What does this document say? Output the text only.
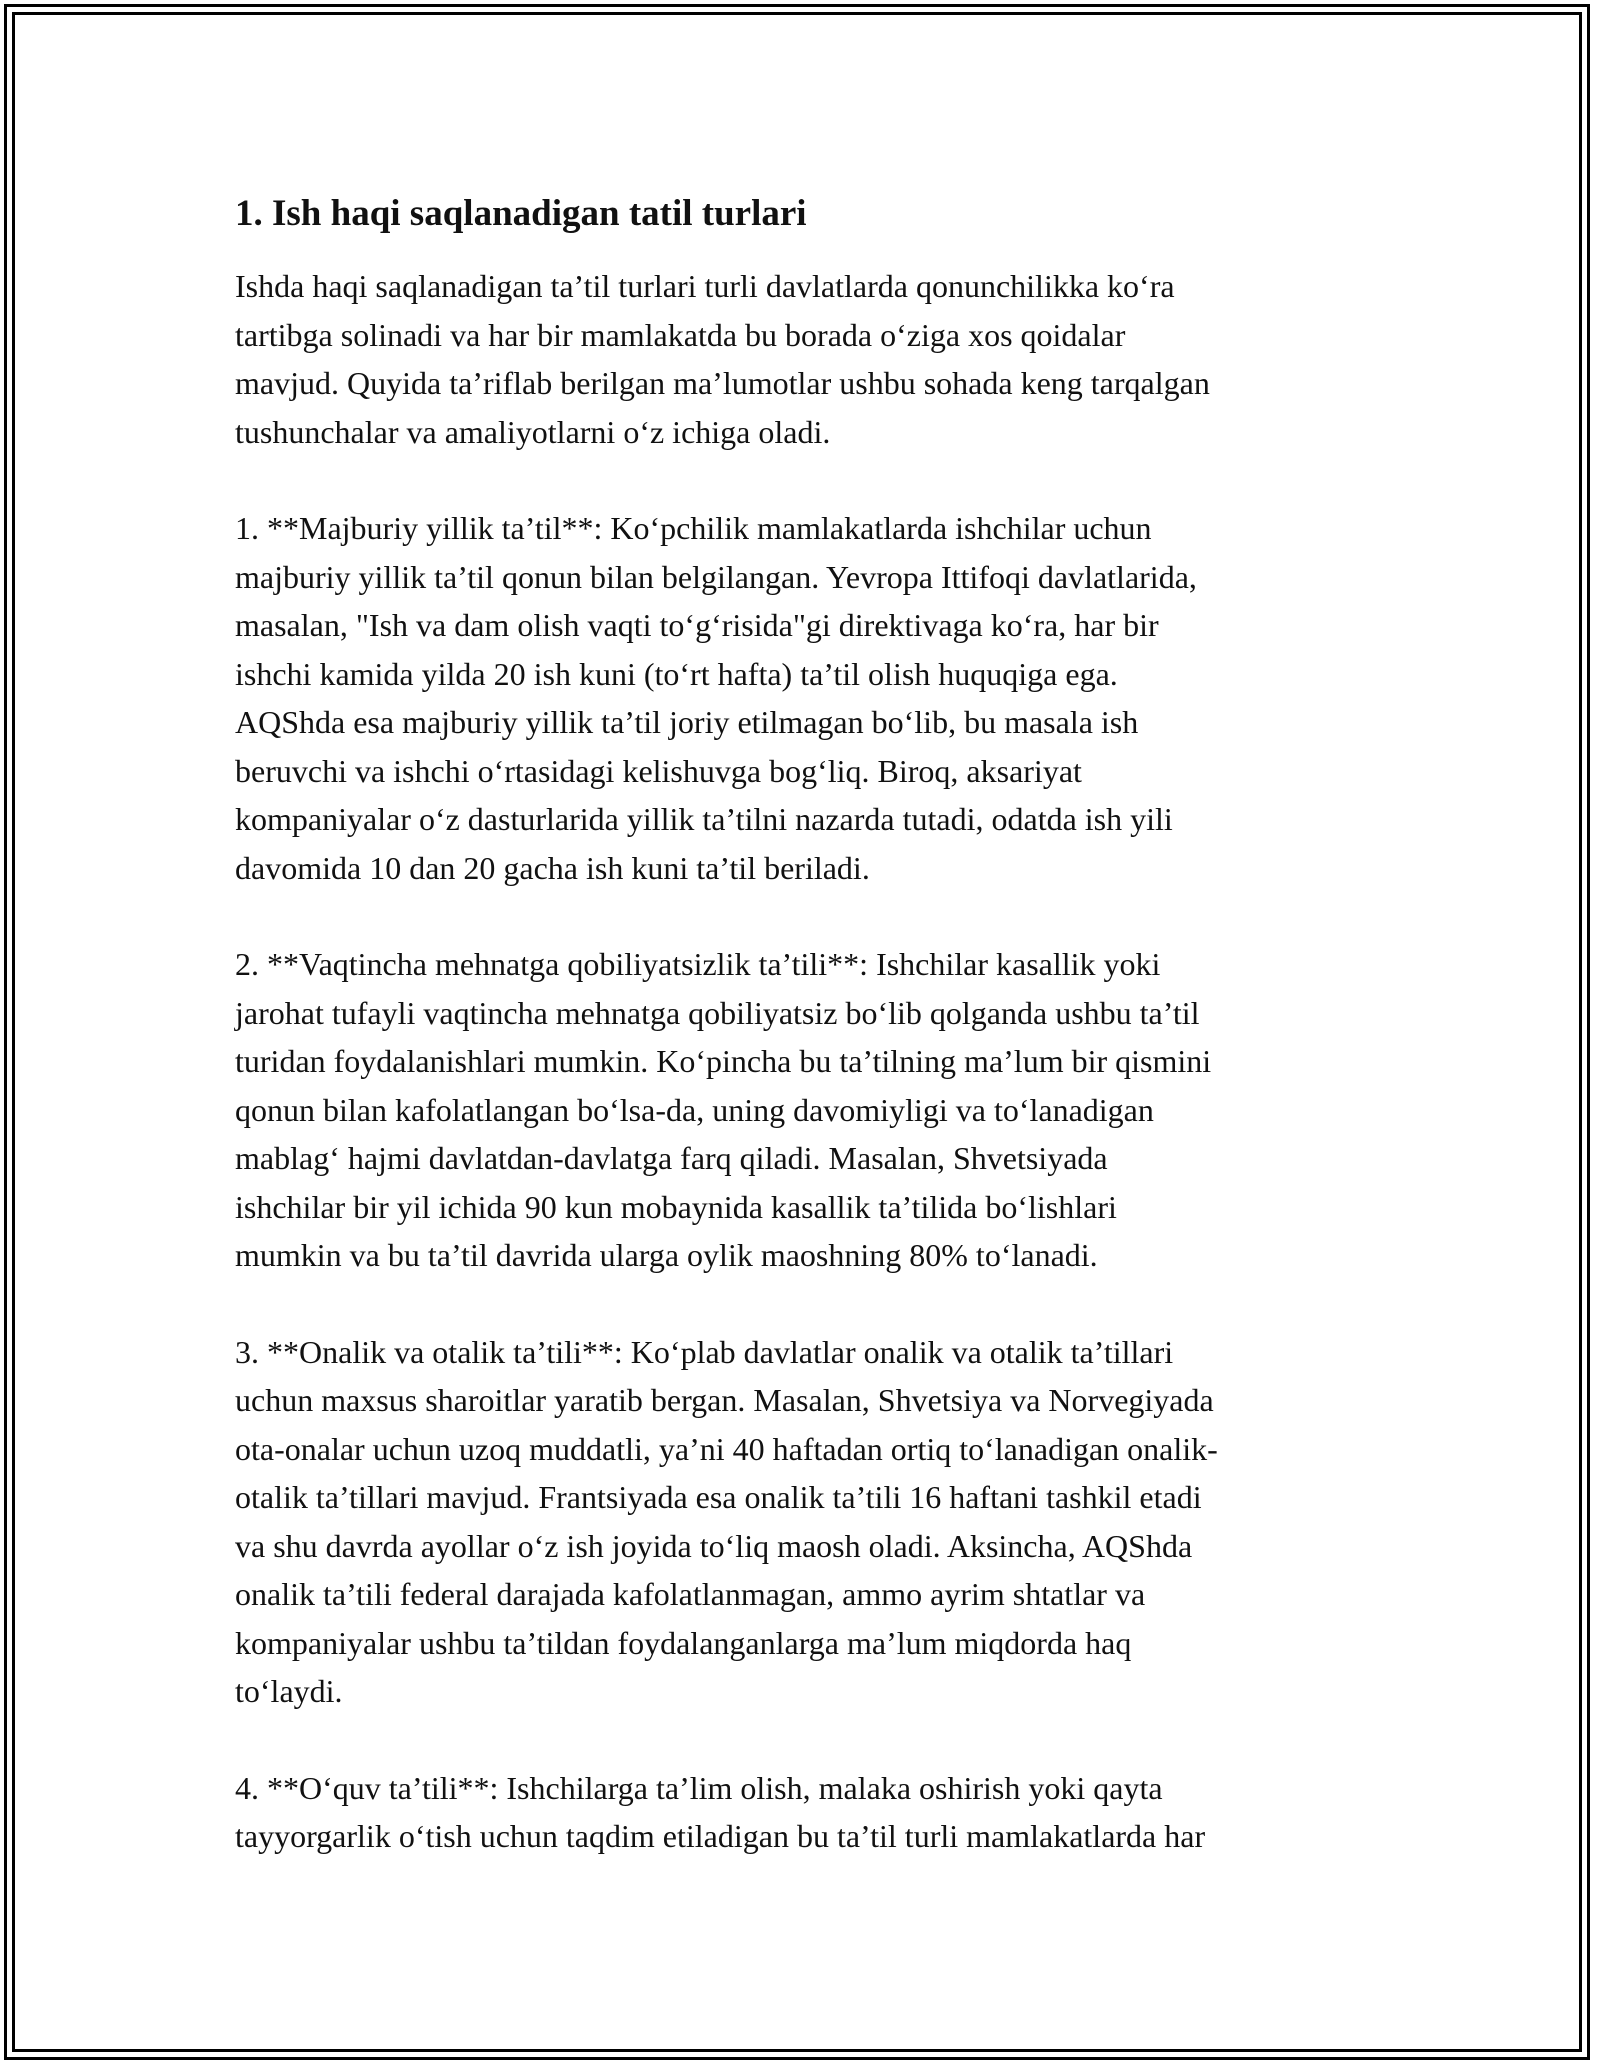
1. Ish haqi saqlanadigan tatil turlari

Ishda haqi saqlanadigan ta’til turlari turli davlatlarda qonunchilikka ko‘ra
tartibga solinadi va har bir mamlakatda bu borada o‘ziga xos qoidalar
mavjud. Quyida ta’riflab berilgan ma’lumotlar ushbu sohada keng tarqalgan
tushunchalar va amaliyotlarni o‘z ichiga oladi.

1. **Majburiy yillik ta’til**: Ko‘pchilik mamlakatlarda ishchilar uchun
majburiy yillik ta’til qonun bilan belgilangan. Yevropa Ittifoqi davlatlarida,
masalan, "Ish va dam olish vaqti to‘g‘risida"gi direktivaga ko‘ra, har bir
ishchi kamida yilda 20 ish kuni (to‘rt hafta) ta’til olish huquqiga ega.
AQShda esa majburiy yillik ta’til joriy etilmagan bo‘lib, bu masala ish
beruvchi va ishchi o‘rtasidagi kelishuvga bog‘liq. Biroq, aksariyat
kompaniyalar o‘z dasturlarida yillik ta’tilni nazarda tutadi, odatda ish yili
davomida 10 dan 20 gacha ish kuni ta’til beriladi.

2. **Vaqtincha mehnatga qobiliyatsizlik ta’tili**: Ishchilar kasallik yoki
jarohat tufayli vaqtincha mehnatga qobiliyatsiz bo‘lib qolganda ushbu ta’til
turidan foydalanishlari mumkin. Ko‘pincha bu ta’tilning ma’lum bir qismini
qonun bilan kafolatlangan bo‘lsa-da, uning davomiyligi va to‘lanadigan
mablag‘ hajmi davlatdan-davlatga farq qiladi. Masalan, Shvetsiyada
ishchilar bir yil ichida 90 kun mobaynida kasallik ta’tilida bo‘lishlari
mumkin va bu ta’til davrida ularga oylik maoshning 80% to‘lanadi.

3. **Onalik va otalik ta’tili**: Ko‘plab davlatlar onalik va otalik ta’tillari
uchun maxsus sharoitlar yaratib bergan. Masalan, Shvetsiya va Norvegiyada
ota-onalar uchun uzoq muddatli, ya’ni 40 haftadan ortiq to‘lanadigan onalik-
otalik ta’tillari mavjud. Frantsiyada esa onalik ta’tili 16 haftani tashkil etadi
va shu davrda ayollar o‘z ish joyida to‘liq maosh oladi. Aksincha, AQShda
onalik ta’tili federal darajada kafolatlanmagan, ammo ayrim shtatlar va
kompaniyalar ushbu ta’tildan foydalanganlarga ma’lum miqdorda haq
to‘laydi.

4. **O‘quv ta’tili**: Ishchilarga ta’lim olish, malaka oshirish yoki qayta
tayyorgarlik o‘tish uchun taqdim etiladigan bu ta’til turli mamlakatlarda har
